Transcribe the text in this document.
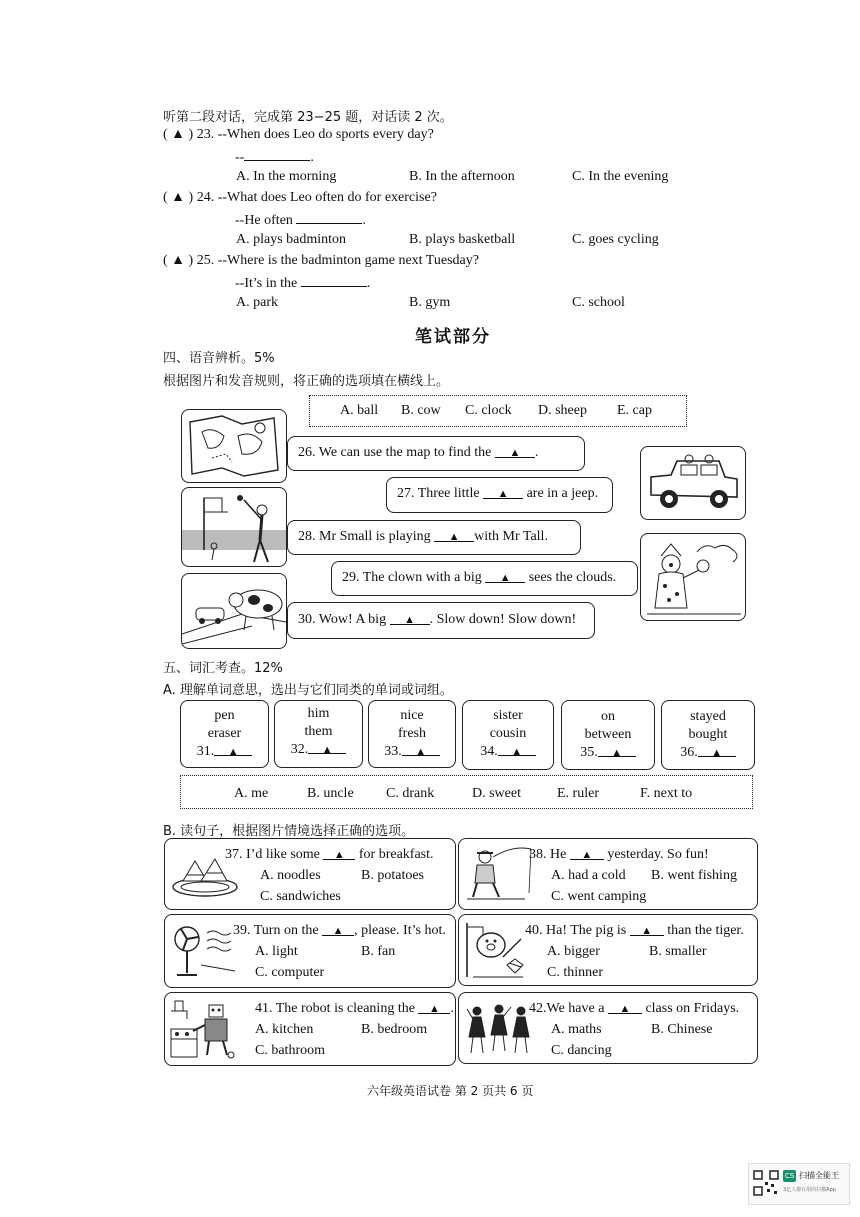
听第二段对话，完成第 23−25 题，对话读 2 次。
( ▲ ) 23. --When does Leo do sports every day?
--	.
A. In the morning	B. In the afternoon	C. In the evening
( ▲ ) 24. --What does Leo often do for exercise?
--He often	.
A. plays badminton	B. plays basketball	C. goes cycling
( ▲ ) 25. --Where is the badminton game next Tuesday?
--It’s in the	.
A. park	B. gym	C. school
笔试部分
四、语音辨析。5%
根据图片和发音规则，将正确的选项填在横线上。
A. ball B. cow C. clock D. sheep E. cap
26. We can use the map to find the ▲ .
27. Three little ▲ are in a jeep.
28. Mr Small is playing ▲ with Mr Tall.
29. The clown with a big ▲ sees the clouds.
30. Wow! A big ▲ . Slow down! Slow down!
五、词汇考查。12%
A. 理解单词意思，选出与它们同类的单词或词组。
pen
eraser
31. ▲
him
them
32. ▲
nice
fresh
33. ▲
sister
cousin
34. ▲
on
between
35. ▲
stayed
bought
36. ▲
A. me	B. uncle C. drank	D. sweet	E. ruler	F. next to
B. 读句子，根据图片情境选择正确的选项。
37. I’d like some ▲ for breakfast.
A. noodles	B. potatoes
C. sandwiches
38. He ▲ yesterday. So fun!
A. had a cold B. went fishing
C. went camping
39. Turn on the ▲ , please. It’s hot.
A. light	B. fan
C. computer
40. Ha! The pig is ▲ than the tiger.
A. bigger	B. smaller
C. thinner
41. The robot is cleaning the ▲ .
A. kitchen	B. bedroom
C. bathroom
42.We have a ▲ class on Fridays.
A. maths	B. Chinese
C. dancing
六年级英语试卷 第 2 页共 6 页
CS 扫描全能王
3亿人都在用的扫描App
